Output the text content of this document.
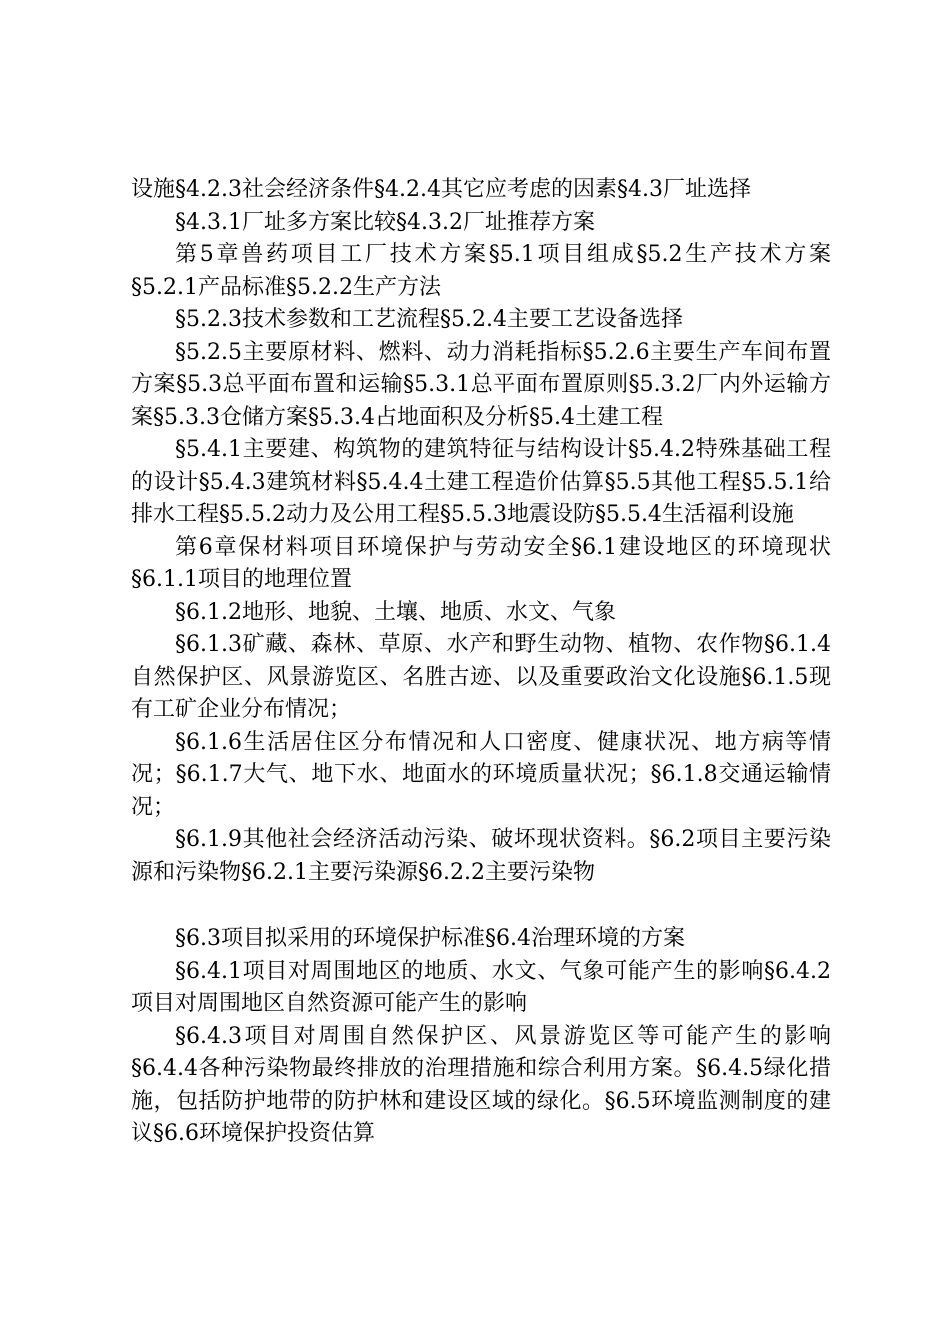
设施§4.2.3社会经济条件§4.2.4其它应考虑的因素§4.3厂址选择

§4.3.1厂址多方案比较§4.3.2厂址推荐方案

第5章兽药项目工厂技术方案§5.1项目组成§5.2生产技术方案§5.2.1产品标准§5.2.2生产方法

§5.2.3技术参数和工艺流程§5.2.4主要工艺设备选择

§5.2.5主要原材料、燃料、动力消耗指标§5.2.6主要生产车间布置方案§5.3总平面布置和运输§5.3.1总平面布置原则§5.3.2厂内外运输方案§5.3.3仓储方案§5.3.4占地面积及分析§5.4土建工程

§5.4.1主要建、构筑物的建筑特征与结构设计§5.4.2特殊基础工程的设计§5.4.3建筑材料§5.4.4土建工程造价估算§5.5其他工程§5.5.1给排水工程§5.5.2动力及公用工程§5.5.3地震设防§5.5.4生活福利设施

第6章保材料项目环境保护与劳动安全§6.1建设地区的环境现状§6.1.1项目的地理位置

§6.1.2地形、地貌、土壤、地质、水文、气象

§6.1.3矿藏、森林、草原、水产和野生动物、植物、农作物§6.1.4自然保护区、风景游览区、名胜古迹、以及重要政治文化设施§6.1.5现有工矿企业分布情况；

§6.1.6生活居住区分布情况和人口密度、健康状况、地方病等情况；§6.1.7大气、地下水、地面水的环境质量状况；§6.1.8交通运输情况；

§6.1.9其他社会经济活动污染、破坏现状资料。§6.2项目主要污染源和污染物§6.2.1主要污染源§6.2.2主要污染物

§6.3项目拟采用的环境保护标准§6.4治理环境的方案

§6.4.1项目对周围地区的地质、水文、气象可能产生的影响§6.4.2项目对周围地区自然资源可能产生的影响

§6.4.3项目对周围自然保护区、风景游览区等可能产生的影响§6.4.4各种污染物最终排放的治理措施和综合利用方案。§6.4.5绿化措施，包括防护地带的防护林和建设区域的绿化。§6.5环境监测制度的建议§6.6环境保护投资估算
